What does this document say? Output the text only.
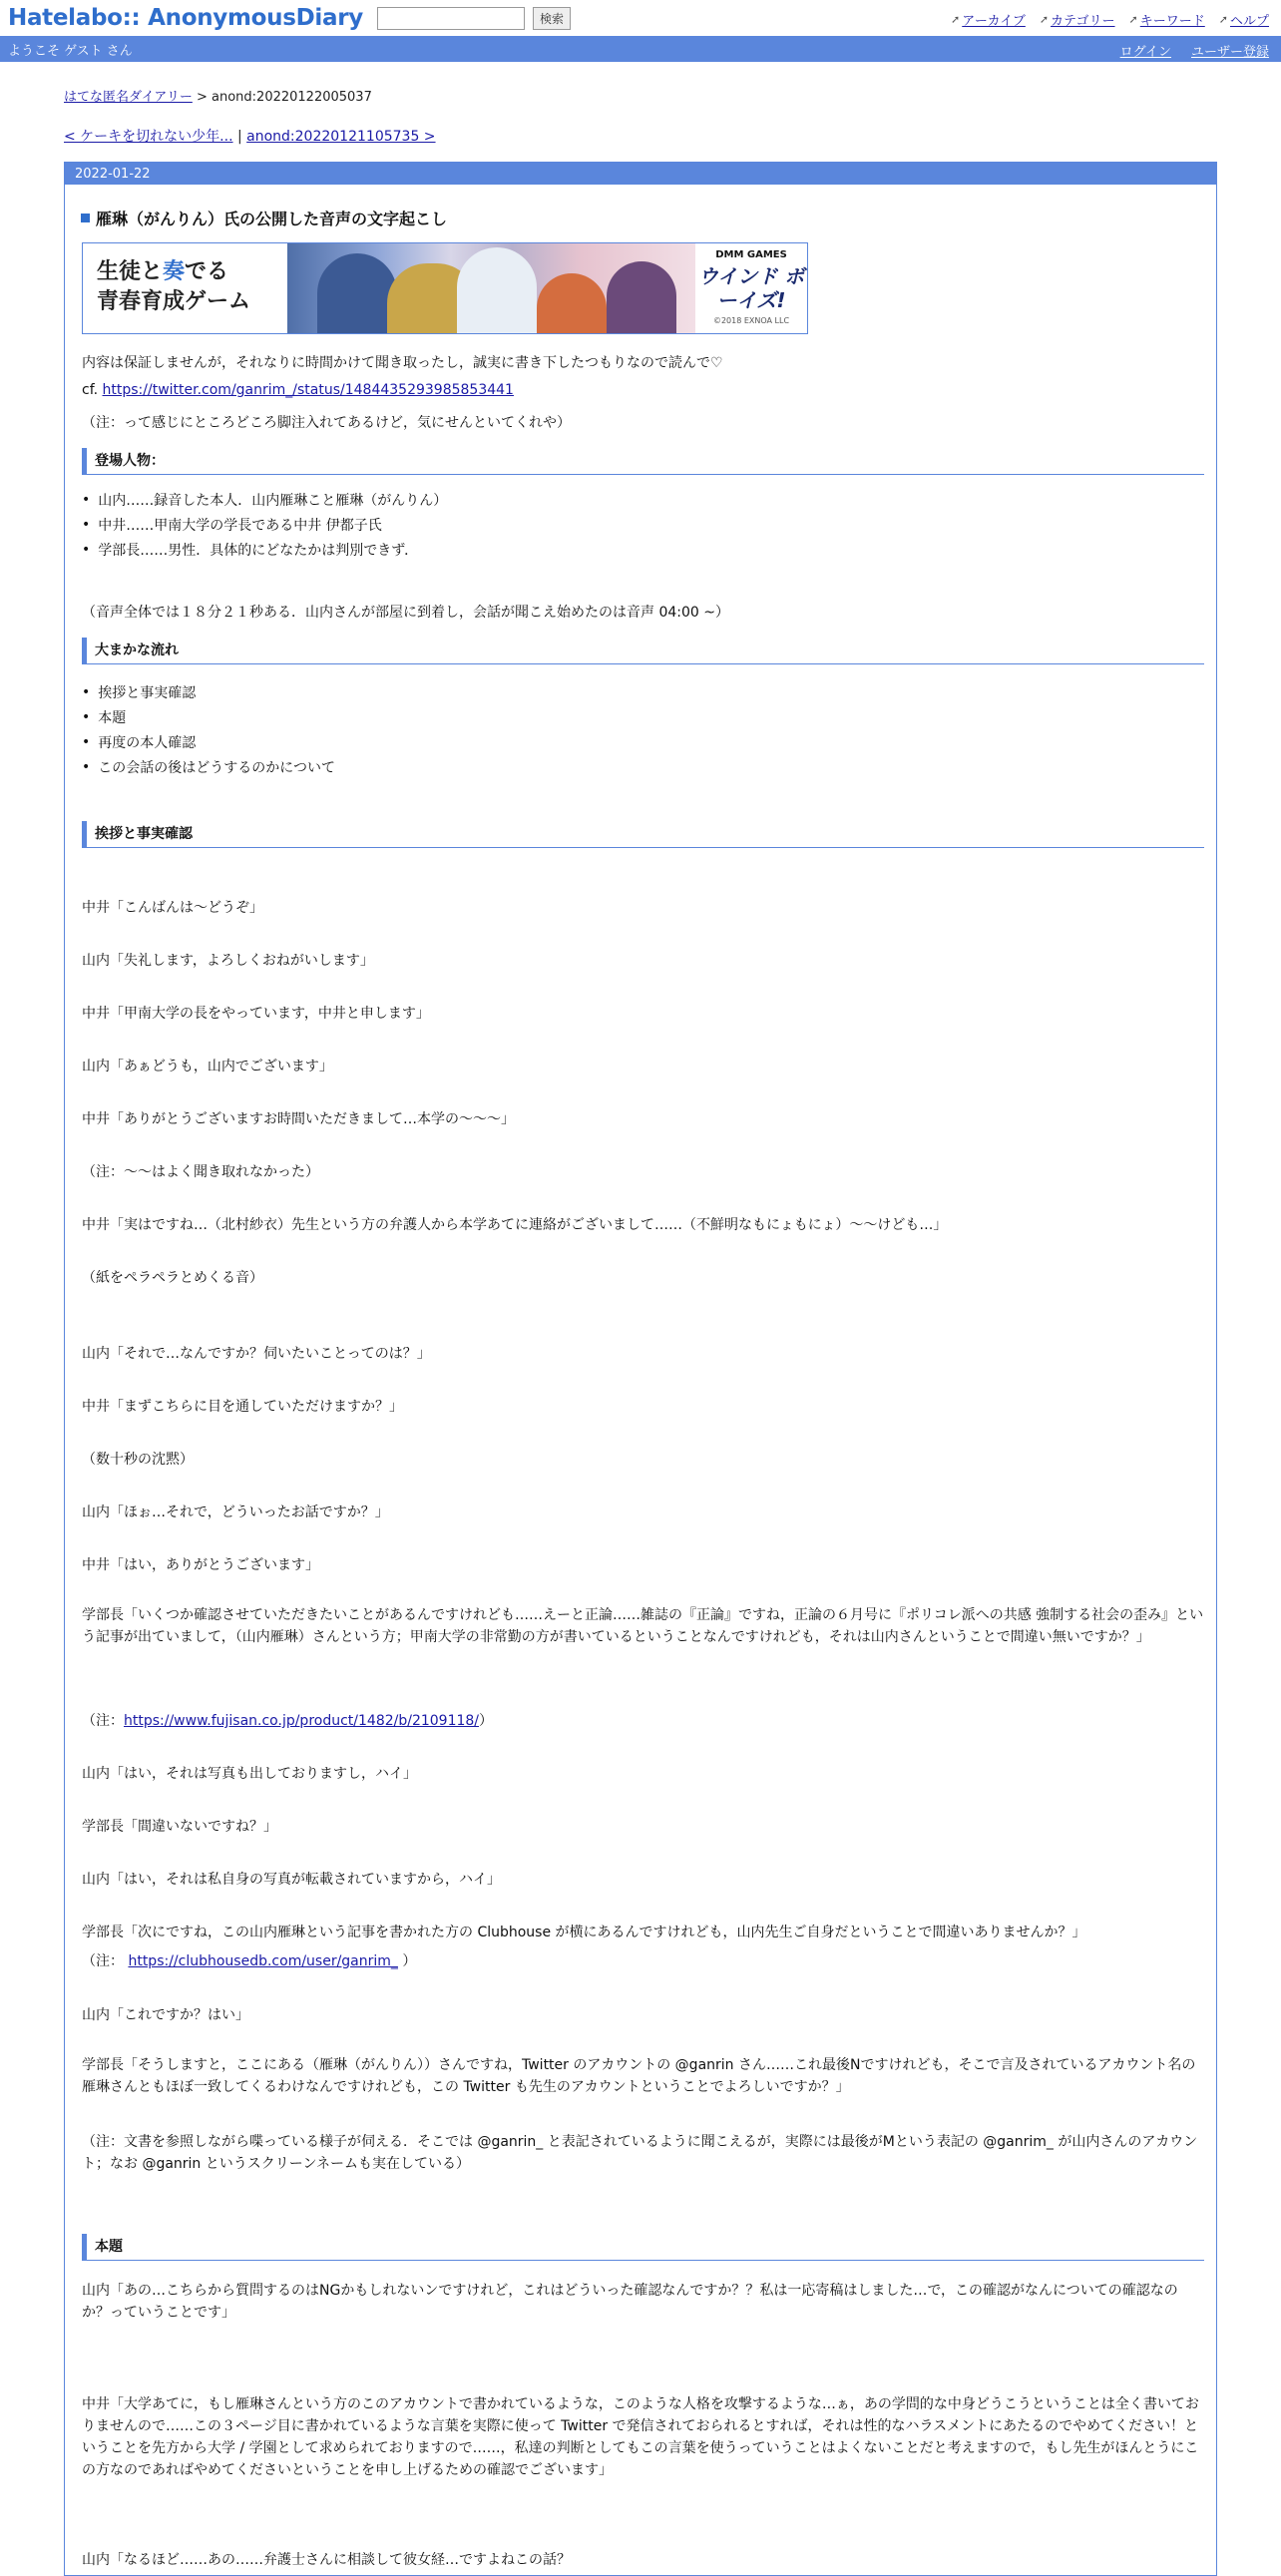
Hatelabo:: AnonymousDiary	検索	➚ アーカイブ ➚ カテゴリー ➚ キーワード ➚ ヘルプ
ようこそ ゲスト さん	ログイン ユーザー登録
はてな匿名ダイアリー > anond:20220122005037
< ケーキを切れない少年... | anond:20220121105735 >
2022-01-22
雁琳（がんりん）氏の公開した音声の文字起こし
生徒と奏でる
青春育成ゲーム
DMM GAMES
ウインド ボーイズ!
©2018 EXNOA LLC
内容は保証しませんが，それなりに時間かけて聞き取ったし，誠実に書き下したつもりなので読んで♡
cf. https://twitter.com/ganrim_/status/1484435293985853441
（注：って感じにところどころ脚注入れてあるけど，気にせんといてくれや）
登場人物：
• 山内……録音した本人．山内雁琳こと雁琳（がんりん）
• 中井……甲南大学の学長である中井 伊都子氏
• 学部長……男性．具体的にどなたかは判別できず．
（音声全体では１８分２１秒ある．山内さんが部屋に到着し，会話が聞こえ始めたのは音声 04:00 ~）
大まかな流れ
• 挨拶と事実確認
• 本題
• 再度の本人確認
• この会話の後はどうするのかについて
挨拶と事実確認
中井「こんばんは～どうぞ」
山内「失礼します，よろしくおねがいします」
中井「甲南大学の長をやっています，中井と申します」
山内「あぁどうも，山内でございます」
中井「ありがとうございますお時間いただきまして…本学の～～～」
（注：～～はよく聞き取れなかった）
中井「実はですね…（北村紗衣）先生という方の弁護人から本学あてに連絡がございまして……（不鮮明なもにょもにょ）～～けども…」
（紙をペラペラとめくる音）
山内「それで…なんですか？伺いたいことってのは？」
中井「まずこちらに目を通していただけますか？」
（数十秒の沈黙）
山内「ほぉ…それで，どういったお話ですか？」
中井「はい，ありがとうございます」
学部長「いくつか確認させていただきたいことがあるんですけれども……えーと正論……雑誌の『正論』ですね，正論の６月号に『ポリコレ派への共感 強制する社会の歪み』という記事が出ていまして，（山内雁琳）さんという方；甲南大学の非常勤の方が書いているということなんですけれども，それは山内さんということで間違い無いですか？」
（注：https://www.fujisan.co.jp/product/1482/b/2109118/）
山内「はい，それは写真も出しておりますし，ハイ」
学部長「間違いないですね？」
山内「はい，それは私自身の写真が転載されていますから，ハイ」
学部長「次にですね，この山内雁琳という記事を書かれた方の Clubhouse が横にあるんですけれども，山内先生ご自身だということで間違いありませんか？」
（注： https://clubhousedb.com/user/ganrim_ ）
山内「これですか？はい」
学部長「そうしますと，ここにある（雁琳（がんりん））さんですね，Twitter のアカウントの @ganrin さん……これ最後Nですけれども，そこで言及されているアカウント名の雁琳さんともほぼ一致してくるわけなんですけれども，この Twitter も先生のアカウントということでよろしいですか？」
（注：文書を参照しながら喋っている様子が伺える．そこでは @ganrin_ と表記されているように聞こえるが，実際には最後がMという表記の @ganrim_ が山内さんのアカウント；なお @ganrin というスクリーンネームも実在している）
本題
山内「あの…こちらから質問するのはNGかもしれないンですけれど，これはどういった確認なんですか？？私は一応寄稿はしました…で，この確認がなんについての確認なのか？っていうことです」
中井「大学あてに，もし雁琳さんという方のこのアカウントで書かれているような，このような人格を攻撃するような…ぁ，あの学問的な中身どうこうということは全く書いておりませんので……この３ページ目に書かれているような言葉を実際に使って Twitter で発信されておられるとすれば，それは性的なハラスメントにあたるのでやめてください！ということを先方から大学 / 学園として求められておりますので……，私達の判断としてもこの言葉を使うっていうことはよくないことだと考えますので，もし先生がほんとうにこの方なのであればやめてくださいということを申し上げるための確認でございます」
山内「なるほど……あの……弁護士さんに相談して彼女経…ですよねこの話？
